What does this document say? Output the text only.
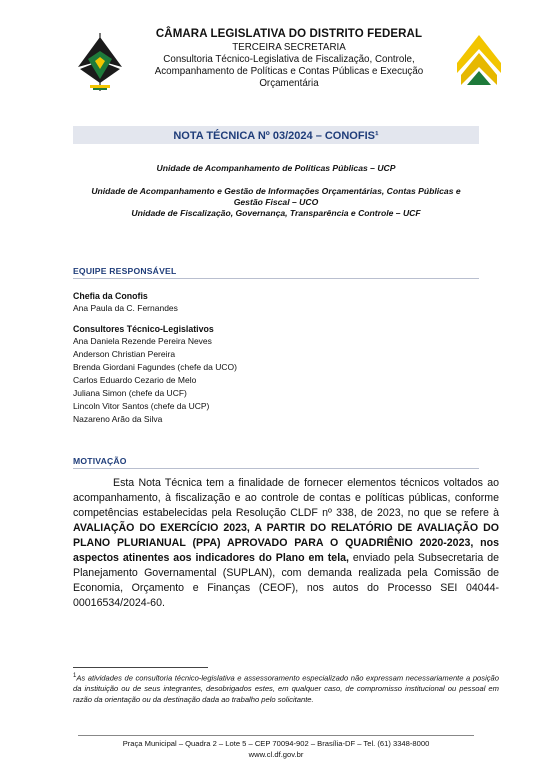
CÂMARA LEGISLATIVA DO DISTRITO FEDERAL
TERCEIRA SECRETARIA
Consultoria Técnico-Legislativa de Fiscalização, Controle,
Acompanhamento de Políticas e Contas Públicas e Execução
Orçamentária
NOTA TÉCNICA Nº 03/2024 – CONOFIS¹
Unidade de Acompanhamento de Políticas Públicas – UCP
Unidade de Acompanhamento e Gestão de Informações Orçamentárias, Contas Públicas e
Gestão Fiscal – UCO
Unidade de Fiscalização, Governança, Transparência e Controle – UCF
EQUIPE RESPONSÁVEL
Chefia da Conofis
Ana Paula da C. Fernandes
Consultores Técnico-Legislativos
Ana Daniela Rezende Pereira Neves
Anderson Christian Pereira
Brenda Giordani Fagundes (chefe da UCO)
Carlos Eduardo Cezario de Melo
Juliana Simon (chefe da UCF)
Lincoln Vitor Santos (chefe da UCP)
Nazareno Arão da Silva
MOTIVAÇÃO
Esta Nota Técnica tem a finalidade de fornecer elementos técnicos voltados ao acompanhamento, à fiscalização e ao controle de contas e políticas públicas, conforme competências estabelecidas pela Resolução CLDF nº 338, de 2023, no que se refere à AVALIAÇÃO DO EXERCÍCIO 2023, A PARTIR DO RELATÓRIO DE AVALIAÇÃO DO PLANO PLURIANUAL (PPA) APROVADO PARA O QUADRIÊNIO 2020-2023, nos aspectos atinentes aos indicadores do Plano em tela, enviado pela Subsecretaria de Planejamento Governamental (SUPLAN), com demanda realizada pela Comissão de Economia, Orçamento e Finanças (CEOF), nos autos do Processo SEI 04044-00016534/2024-60.
$^1$As atividades de consultoria técnico-legislativa e assessoramento especializado não expressam necessariamente a posição da instituição ou de seus integrantes, desobrigados estes, em qualquer caso, de compromisso institucional ou pessoal em razão da orientação ou da destinação dada ao trabalho pelo solicitante.
Praça Municipal – Quadra 2 – Lote 5 – CEP 70094-902 – Brasília-DF – Tel. (61) 3348-8000
www.cl.df.gov.br
